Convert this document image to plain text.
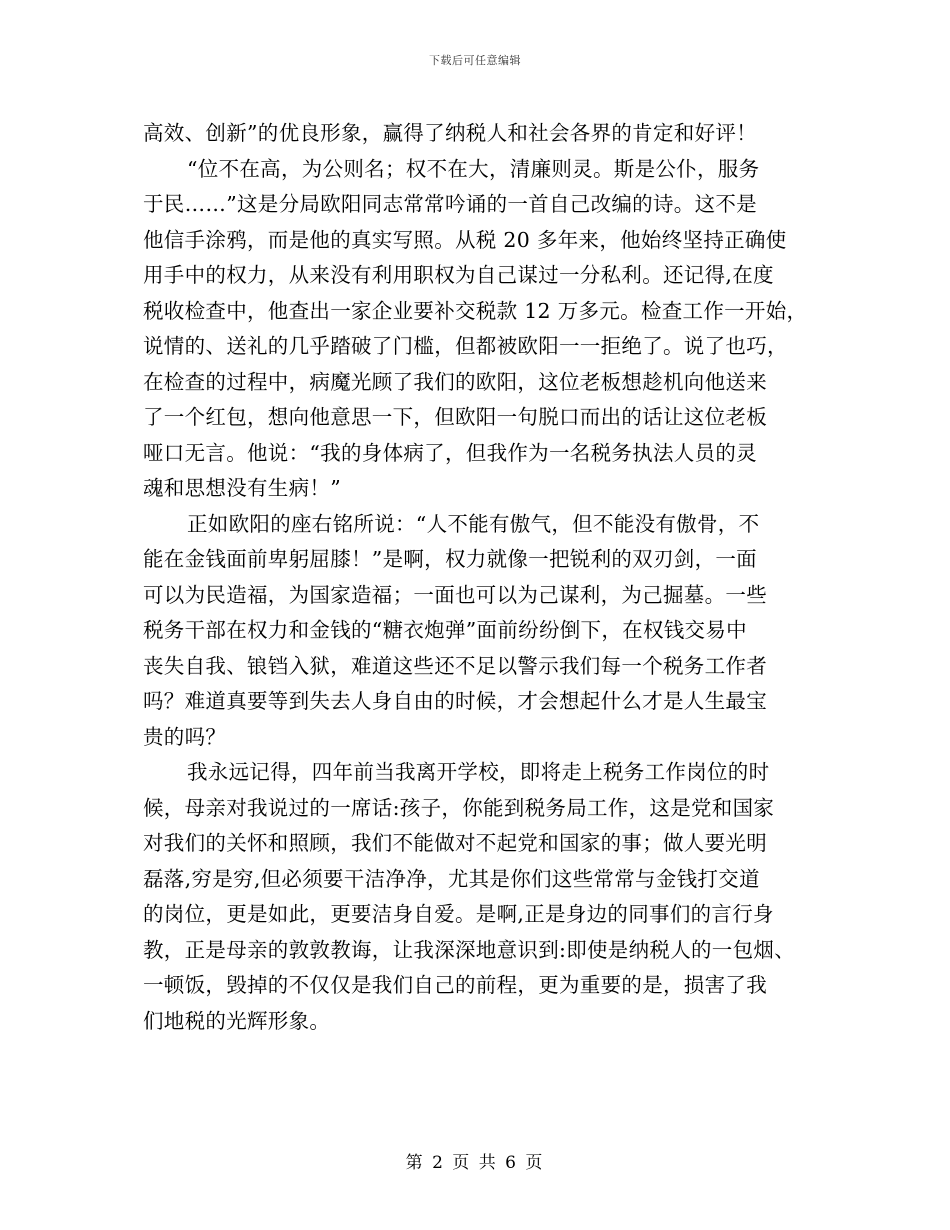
下载后可任意编辑
高效、创新”的优良形象，赢得了纳税人和社会各界的肯定和好评！
“位不在高，为公则名；权不在大，清廉则灵。斯是公仆，服务
于民……”这是分局欧阳同志常常吟诵的一首自己改编的诗。这不是
他信手涂鸦，而是他的真实写照。从税 20 多年来，他始终坚持正确使
用手中的权力，从来没有利用职权为自己谋过一分私利。还记得,在度
税收检查中，他查出一家企业要补交税款 12 万多元。检查工作一开始，
说情的、送礼的几乎踏破了门槛，但都被欧阳一一拒绝了。说了也巧，
在检查的过程中，病魔光顾了我们的欧阳，这位老板想趁机向他送来
了一个红包，想向他意思一下，但欧阳一句脱口而出的话让这位老板
哑口无言。他说：“我的身体病了，但我作为一名税务执法人员的灵
魂和思想没有生病！”
正如欧阳的座右铭所说：“人不能有傲气，但不能没有傲骨，不
能在金钱面前卑躬屈膝！”是啊，权力就像一把锐利的双刃剑，一面
可以为民造福，为国家造福；一面也可以为己谋利，为己掘墓。一些
税务干部在权力和金钱的“糖衣炮弹”面前纷纷倒下，在权钱交易中
丧失自我、锒铛入狱，难道这些还不足以警示我们每一个税务工作者
吗？难道真要等到失去人身自由的时候，才会想起什么才是人生最宝
贵的吗？
我永远记得，四年前当我离开学校，即将走上税务工作岗位的时
候，母亲对我说过的一席话:孩子，你能到税务局工作，这是党和国家
对我们的关怀和照顾，我们不能做对不起党和国家的事；做人要光明
磊落,穷是穷,但必须要干洁净净，尤其是你们这些常常与金钱打交道
的岗位，更是如此，更要洁身自爱。是啊,正是身边的同事们的言行身
教，正是母亲的敦敦教诲，让我深深地意识到:即使是纳税人的一包烟、
一顿饭，毁掉的不仅仅是我们自己的前程，更为重要的是，损害了我
们地税的光辉形象。
第 2 页 共 6 页
